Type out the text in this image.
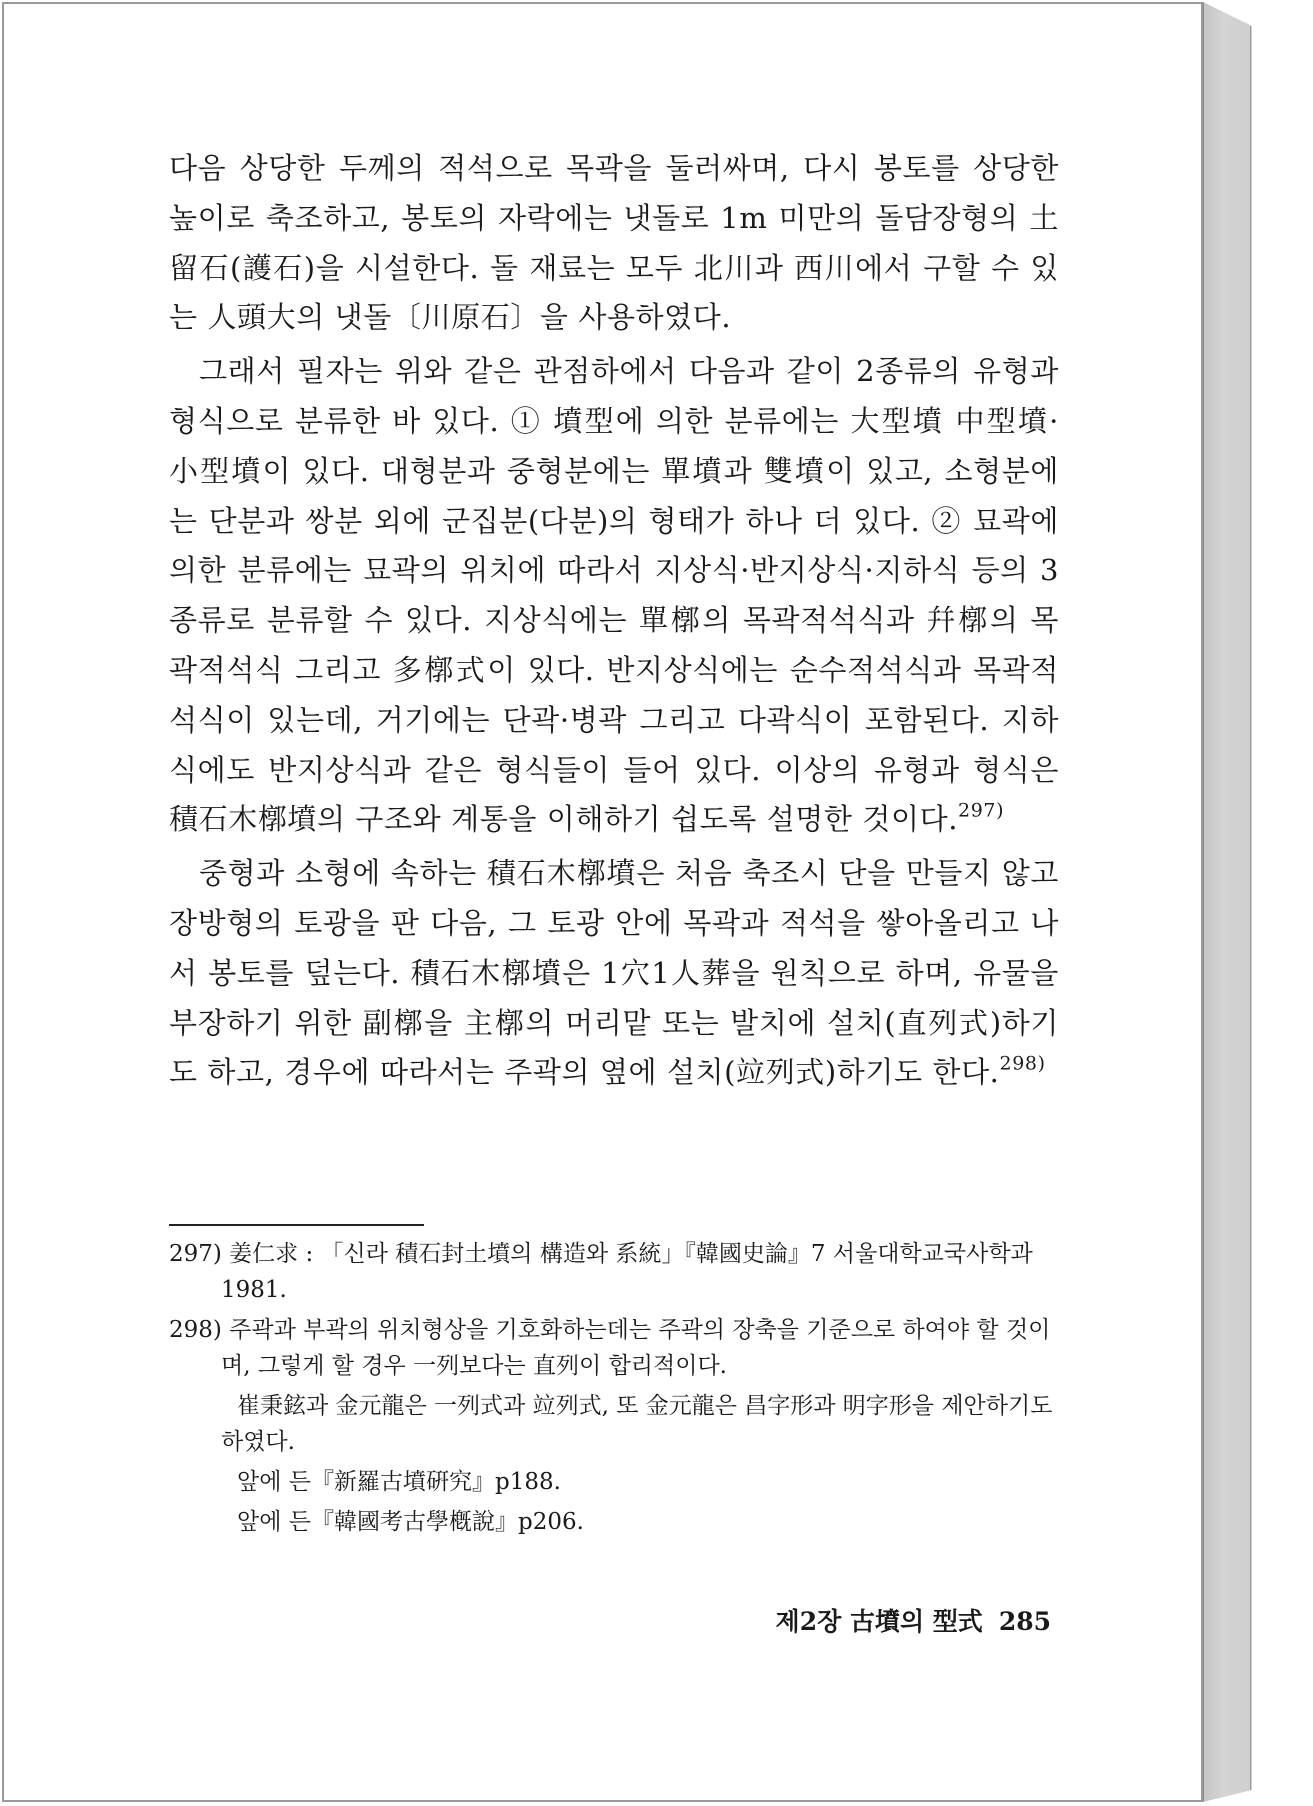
다음 상당한 두께의 적석으로 목곽을 둘러싸며, 다시 봉토를 상당한 높이로 축조하고, 봉토의 자락에는 냇돌로 1m 미만의 돌담장형의 土留石(護石)을 시설한다. 돌 재료는 모두 北川과 西川에서 구할 수 있는 人頭大의 냇돌〔川原石〕을 사용하였다.

그래서 필자는 위와 같은 관점하에서 다음과 같이 2종류의 유형과 형식으로 분류한 바 있다. ① 墳型에 의한 분류에는 大型墳 中型墳·小型墳이 있다. 대형분과 중형분에는 單墳과 雙墳이 있고, 소형분에는 단분과 쌍분 외에 군집분(다분)의 형태가 하나 더 있다. ② 묘곽에 의한 분류에는 묘곽의 위치에 따라서 지상식·반지상식·지하식 등의 3종류로 분류할 수 있다. 지상식에는 單槨의 목곽적석식과 幷槨의 목곽적석식 그리고 多槨式이 있다. 반지상식에는 순수적석식과 목곽적석식이 있는데, 거기에는 단곽·병곽 그리고 다곽식이 포함된다. 지하식에도 반지상식과 같은 형식들이 들어 있다. 이상의 유형과 형식은 積石木槨墳의 구조와 계통을 이해하기 쉽도록 설명한 것이다.$^{297)}$

중형과 소형에 속하는 積石木槨墳은 처음 축조시 단을 만들지 않고 장방형의 토광을 판 다음, 그 토광 안에 목곽과 적석을 쌓아올리고 나서 봉토를 덮는다. 積石木槨墳은 1穴1人葬을 원칙으로 하며, 유물을 부장하기 위한 副槨을 主槨의 머리맡 또는 발치에 설치(直列式)하기도 하고, 경우에 따라서는 주곽의 옆에 설치(竝列式)하기도 한다.$^{298)}$

297) 姜仁求 : 「신라 積石封土墳의 構造와 系統」『韓國史論』7 서울대학교국사학과 1981.

298) 주곽과 부곽의 위치형상을 기호화하는데는 주곽의 장축을 기준으로 하여야 할 것이며, 그렇게 할 경우 一列보다는 直列이 합리적이다.

崔秉鉉과 金元龍은 一列式과 竝列式, 또 金元龍은 昌字形과 明字形을 제안하기도 하였다.

앞에 든『新羅古墳硏究』p188.

앞에 든『韓國考古學槪說』p206.

제2장 古墳의 型式 285
